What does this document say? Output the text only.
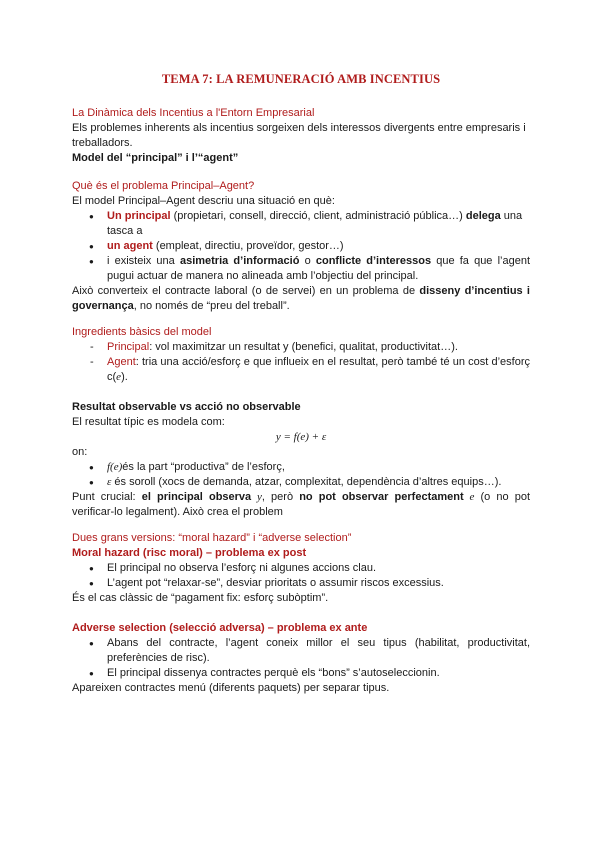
TEMA 7: LA REMUNERACIÓ AMB INCENTIUS
La Dinàmica dels Incentius a l'Entorn Empresarial
Els problemes inherents als incentius sorgeixen dels interessos divergents entre empresaris i treballadors.
Model del “principal” i l’“agent”
Què és el problema Principal–Agent?
El model Principal–Agent descriu una situació en què:
● Un principal (propietari, consell, direcció, client, administració pública…) delega una tasca a
● un agent (empleat, directiu, proveïdor, gestor…)
● i existeix una asimetria d’informació o conflicte d’interessos que fa que l’agent pugui actuar de manera no alineada amb l’objectiu del principal.
Això converteix el contracte laboral (o de servei) en un problema de disseny d’incentius i governança, no només de “preu del treball”.
Ingredients bàsics del model
- Principal: vol maximitzar un resultat y (benefici, qualitat, productivitat…).
- Agent: tria una acció/esforç e que influeix en el resultat, però també té un cost d’esforç c(e).
Resultat observable vs acció no observable
El resultat típic es modela com:
y = f(e) + ε
on:
● f(e)és la part “productiva” de l’esforç,
● ε és soroll (xocs de demanda, atzar, complexitat, dependència d’altres equips…).
Punt crucial: el principal observa y, però no pot observar perfectament e (o no pot verificar-lo legalment). Això crea el problem
Dues grans versions: “moral hazard” i “adverse selection”
Moral hazard (risc moral) – problema ex post
● El principal no observa l’esforç ni algunes accions clau.
● L’agent pot “relaxar-se”, desviar prioritats o assumir riscos excessius.
És el cas clàssic de “pagament fix: esforç subòptim”.
Adverse selection (selecció adversa) – problema ex ante
● Abans del contracte, l’agent coneix millor el seu tipus (habilitat, productivitat, preferències de risc).
● El principal dissenya contractes perquè els “bons” s’autoseleccionin.
Apareixen contractes menú (diferents paquets) per separar tipus.
